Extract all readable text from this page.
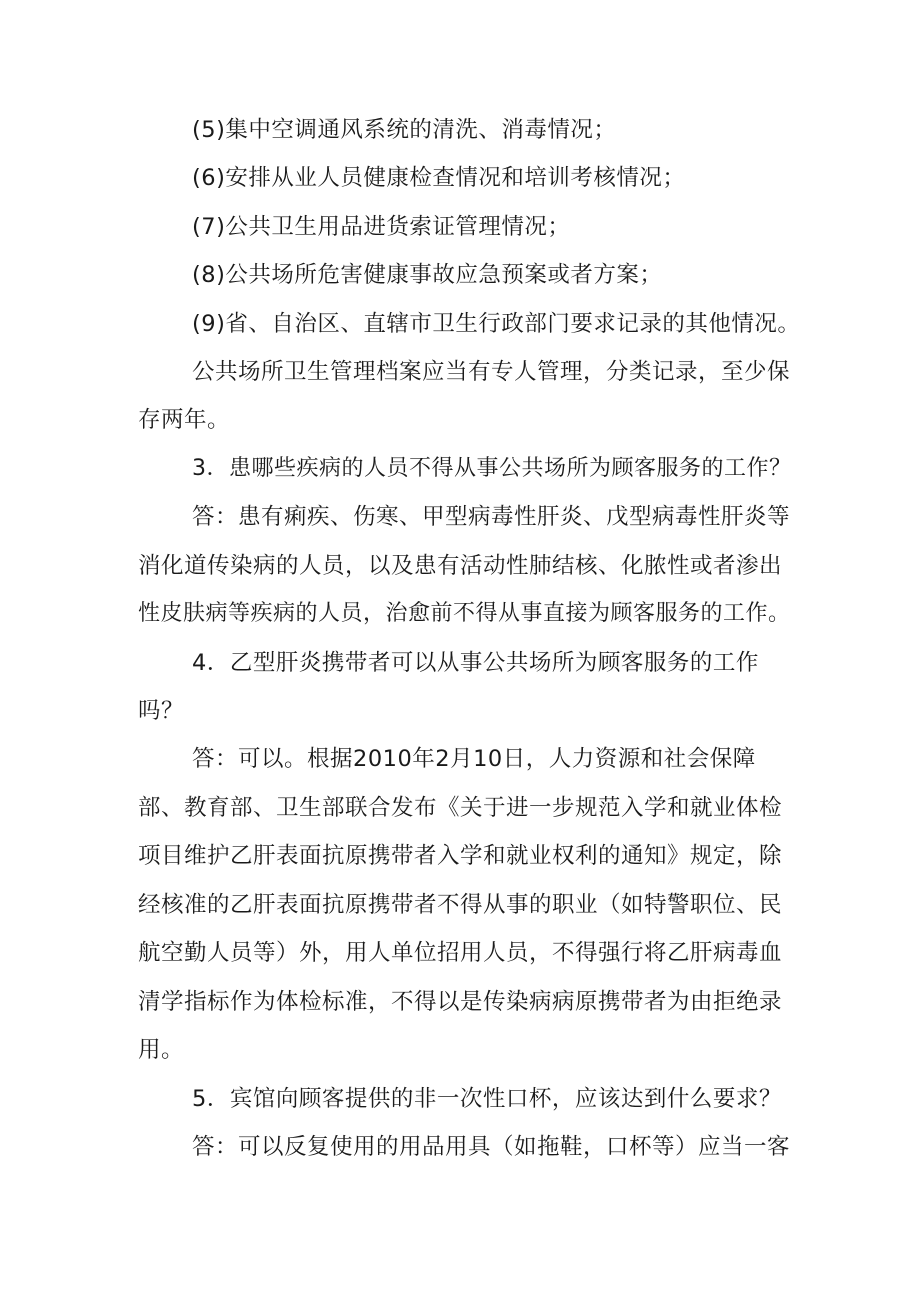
(5)集中空调通风系统的清洗、消毒情况；
(6)安排从业人员健康检查情况和培训考核情况；
(7)公共卫生用品进货索证管理情况；
(8)公共场所危害健康事故应急预案或者方案；
(9)省、自治区、直辖市卫生行政部门要求记录的其他情况。
公共场所卫生管理档案应当有专人管理，分类记录，至少保
存两年。
3．患哪些疾病的人员不得从事公共场所为顾客服务的工作？
答：患有痢疾、伤寒、甲型病毒性肝炎、戊型病毒性肝炎等
消化道传染病的人员，以及患有活动性肺结核、化脓性或者渗出
性皮肤病等疾病的人员，治愈前不得从事直接为顾客服务的工作。
4．乙型肝炎携带者可以从事公共场所为顾客服务的工作
吗？
答：可以。根据2010年2月10日，人力资源和社会保障
部、教育部、卫生部联合发布《关于进一步规范入学和就业体检
项目维护乙肝表面抗原携带者入学和就业权利的通知》规定，除
经核准的乙肝表面抗原携带者不得从事的职业（如特警职位、民
航空勤人员等）外，用人单位招用人员，不得强行将乙肝病毒血
清学指标作为体检标准，不得以是传染病病原携带者为由拒绝录
用。
5．宾馆向顾客提供的非一次性口杯，应该达到什么要求？
答：可以反复使用的用品用具（如拖鞋，口杯等）应当一客
